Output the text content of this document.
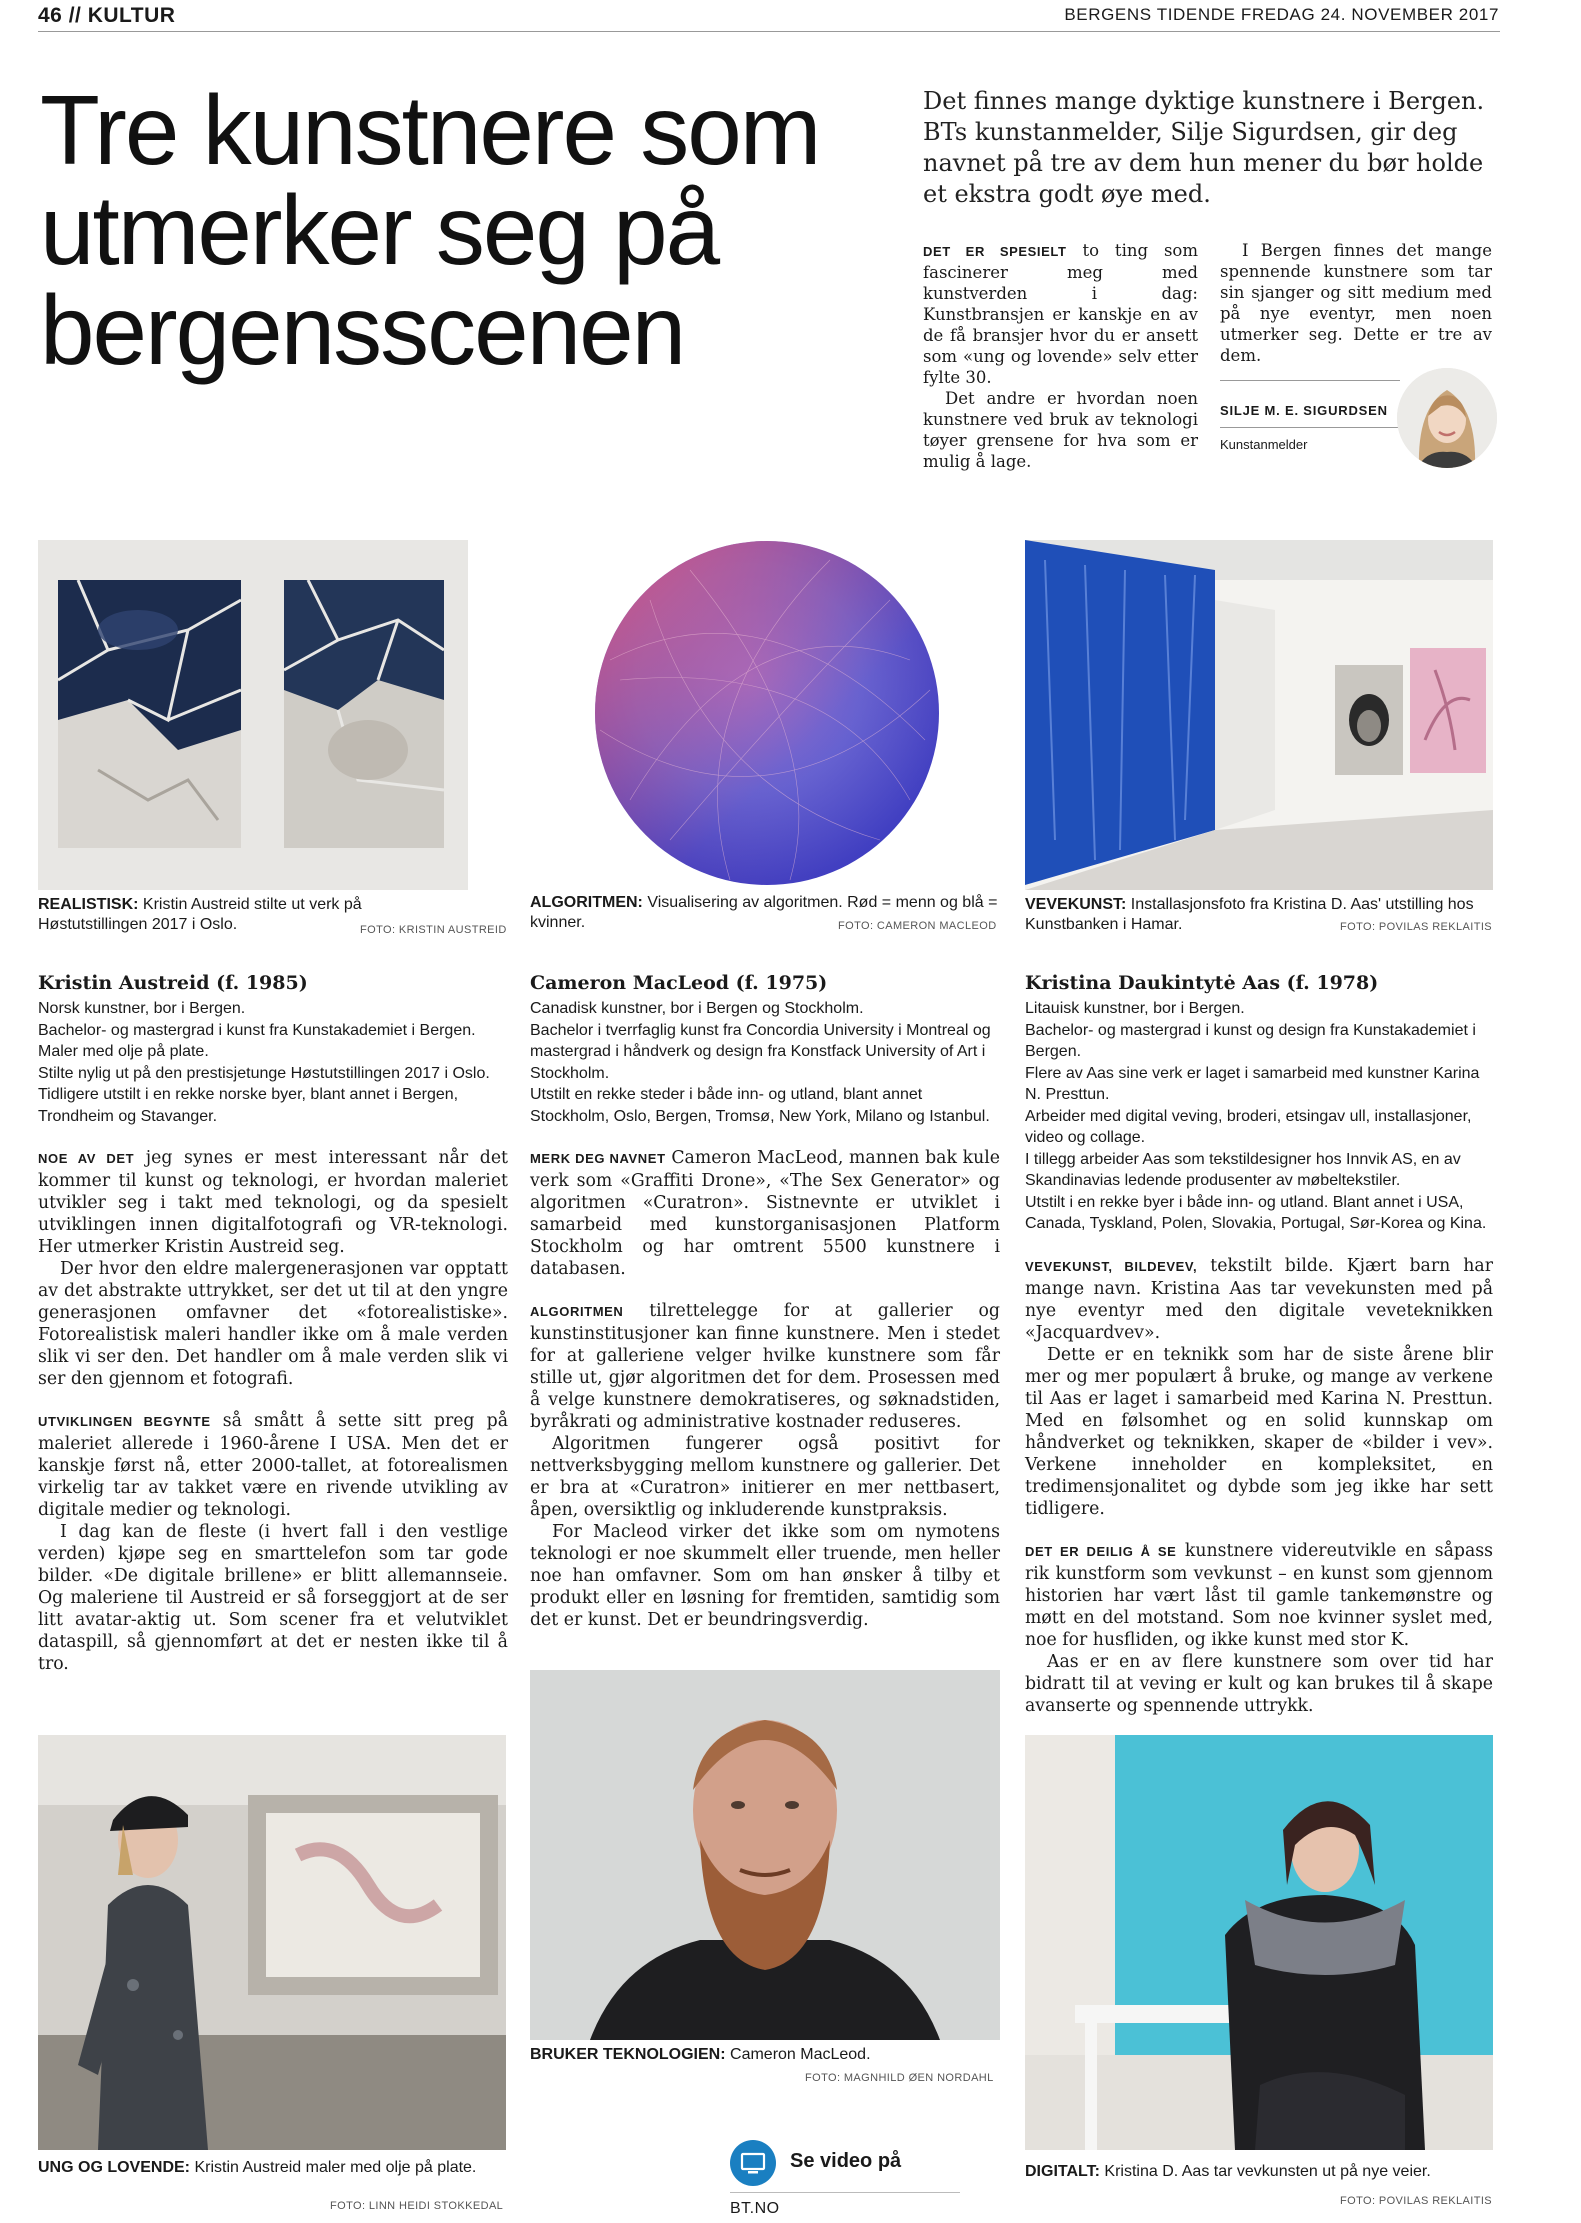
46 // KULTUR	BERGENS TIDENDE FREDAG 24. NOVEMBER 2017
Tre kunstnere som
utmerker seg på
bergensscenen
Det finnes mange dyktige kunstnere i Bergen. BTs kunstanmelder, Silje Sigurdsen, gir deg navnet på tre av dem hun mener du bør holde et ekstra godt øye med.

DET ER SPESIELT to ting som fascinerer meg med kunstverden i dag: Kunstbransjen er kanskje en av de få bransjer hvor du er ansett som «ung og lovende» selv etter fylte 30.

Det andre er hvordan noen kunstnere ved bruk av teknologi tøyer grensene for hva som er mulig å lage.

I Bergen finnes det mange spennende kunstnere som tar sin sjanger og sitt medium med på nye eventyr, men noen utmerker seg. Dette er tre av dem.

SILJE M. E. SIGURDSEN
Kunstanmelder
REALISTISK: Kristin Austreid stilte ut verk på Høstutstillingen 2017 i Oslo.	FOTO: KRISTIN AUSTREID
ALGORITMEN: Visualisering av algoritmen. Rød = menn og blå = kvinner.	FOTO: CAMERON MACLEOD
VEVEKUNST: Installasjonsfoto fra Kristina D. Aas' utstilling hos Kunstbanken i Hamar.	FOTO: POVILAS REKLAITIS
Kristin Austreid (f. 1985)
Norsk kunstner, bor i Bergen.
Bachelor- og mastergrad i kunst fra Kunstakademiet i Bergen.
Maler med olje på plate.
Stilte nylig ut på den prestisjetunge Høstutstillingen 2017 i Oslo.
Tidligere utstilt i en rekke norske byer, blant annet i Bergen, Trondheim og Stavanger.

NOE AV DET jeg synes er mest interessant når det kommer til kunst og teknologi, er hvordan maleriet utvikler seg i takt med teknologi, og da spesielt utviklingen innen digitalfotografi og VR-teknologi. Her utmerker Kristin Austreid seg.

Der hvor den eldre malergenerasjonen var opptatt av det abstrakte uttrykket, ser det ut til at den yngre generasjonen omfavner det «fotorealistiske». Fotorealistisk maleri handler ikke om å male verden slik vi ser den. Det handler om å male verden slik vi ser den gjennom et fotografi.

UTVIKLINGEN BEGYNTE så smått å sette sitt preg på maleriet allerede i 1960-årene I USA. Men det er kanskje først nå, etter 2000-tallet, at fotorealismen virkelig tar av takket være en rivende utvikling av digitale medier og teknologi.

I dag kan de fleste (i hvert fall i den vestlige verden) kjøpe seg en smarttelefon som tar gode bilder. «De digitale brillene» er blitt allemannseie. Og maleriene til Austreid er så forseggjort at de ser litt avatar-aktig ut. Som scener fra et velutviklet dataspill, så gjennomført at det er nesten ikke til å tro.

Cameron MacLeod (f. 1975)
Canadisk kunstner, bor i Bergen og Stockholm.
Bachelor i tverrfaglig kunst fra Concordia University i Montreal og mastergrad i håndverk og design fra Konstfack University of Art i Stockholm.
Utstilt en rekke steder i både inn- og utland, blant annet Stockholm, Oslo, Bergen, Tromsø, New York, Milano og Istanbul.

MERK DEG NAVNET Cameron MacLeod, mannen bak kule verk som «Graffiti Drone», «The Sex Generator» og algoritmen «Curatron». Sistnevnte er utviklet i samarbeid med kunstorganisasjonen Platform Stockholm og har omtrent 5500 kunstnere i databasen.

ALGORITMEN tilrettelegge for at gallerier og kunstinstitusjoner kan finne kunstnere. Men i stedet for at galleriene velger hvilke kunstnere som får stille ut, gjør algoritmen det for dem. Prosessen med å velge kunstnere demokratiseres, og søknadstiden, byråkrati og administrative kostnader reduseres.

Algoritmen fungerer også positivt for nettverksbygging mellom kunstnere og gallerier. Det er bra at «Curatron» initierer en mer nettbasert, åpen, oversiktlig og inkluderende kunstpraksis.

For Macleod virker det ikke som om nymotens teknologi er noe skummelt eller truende, men heller noe han omfavner. Som om han ønsker å tilby et produkt eller en løsning for fremtiden, samtidig som det er kunst. Det er beundringsverdig.

Kristina Daukintytė Aas (f. 1978)
Litauisk kunstner, bor i Bergen.
Bachelor- og mastergrad i kunst og design fra Kunstakademiet i Bergen.
Flere av Aas sine verk er laget i samarbeid med kunstner Karina N. Presttun.
Arbeider med digital veving, broderi, etsingav ull, installasjoner, video og collage.
I tillegg arbeider Aas som tekstildesigner hos Innvik AS, en av Skandinavias ledende produsenter av møbeltekstiler.
Utstilt i en rekke byer i både inn- og utland. Blant annet i USA, Canada, Tyskland, Polen, Slovakia, Portugal, Sør-Korea og Kina.

VEVEKUNST, BILDEVEV, tekstilt bilde. Kjært barn har mange navn. Kristina Aas tar vevekunsten med på nye eventyr med den digitale veveteknikken «Jacquardvev».

Dette er en teknikk som har de siste årene blir mer og mer populært å bruke, og mange av verkene til Aas er laget i samarbeid med Karina N. Presttun. Med en følsomhet og en solid kunnskap om håndverket og teknikken, skaper de «bilder i vev». Verkene inneholder en kompleksitet, en tredimensjonalitet og dybde som jeg ikke har sett tidligere.

DET ER DEILIG Å SE kunstnere videreutvikle en såpass rik kunstform som vevkunst – en kunst som gjennom historien har vært låst til gamle tankemønstre og møtt en del motstand. Som noe kvinner syslet med, noe for husfliden, og ikke kunst med stor K.

Aas er en av flere kunstnere som over tid har bidratt til at veving er kult og kan brukes til å skape avanserte og spennende uttrykk.

UNG OG LOVENDE: Kristin Austreid maler med olje på plate.
FOTO: LINN HEIDI STOKKEDAL
BRUKER TEKNOLOGIEN: Cameron MacLeod.
FOTO: MAGNHILD ØEN NORDAHL
DIGITALT: Kristina D. Aas tar vevkunsten ut på nye veier.
FOTO: POVILAS REKLAITIS
Se video på
BT.NO
